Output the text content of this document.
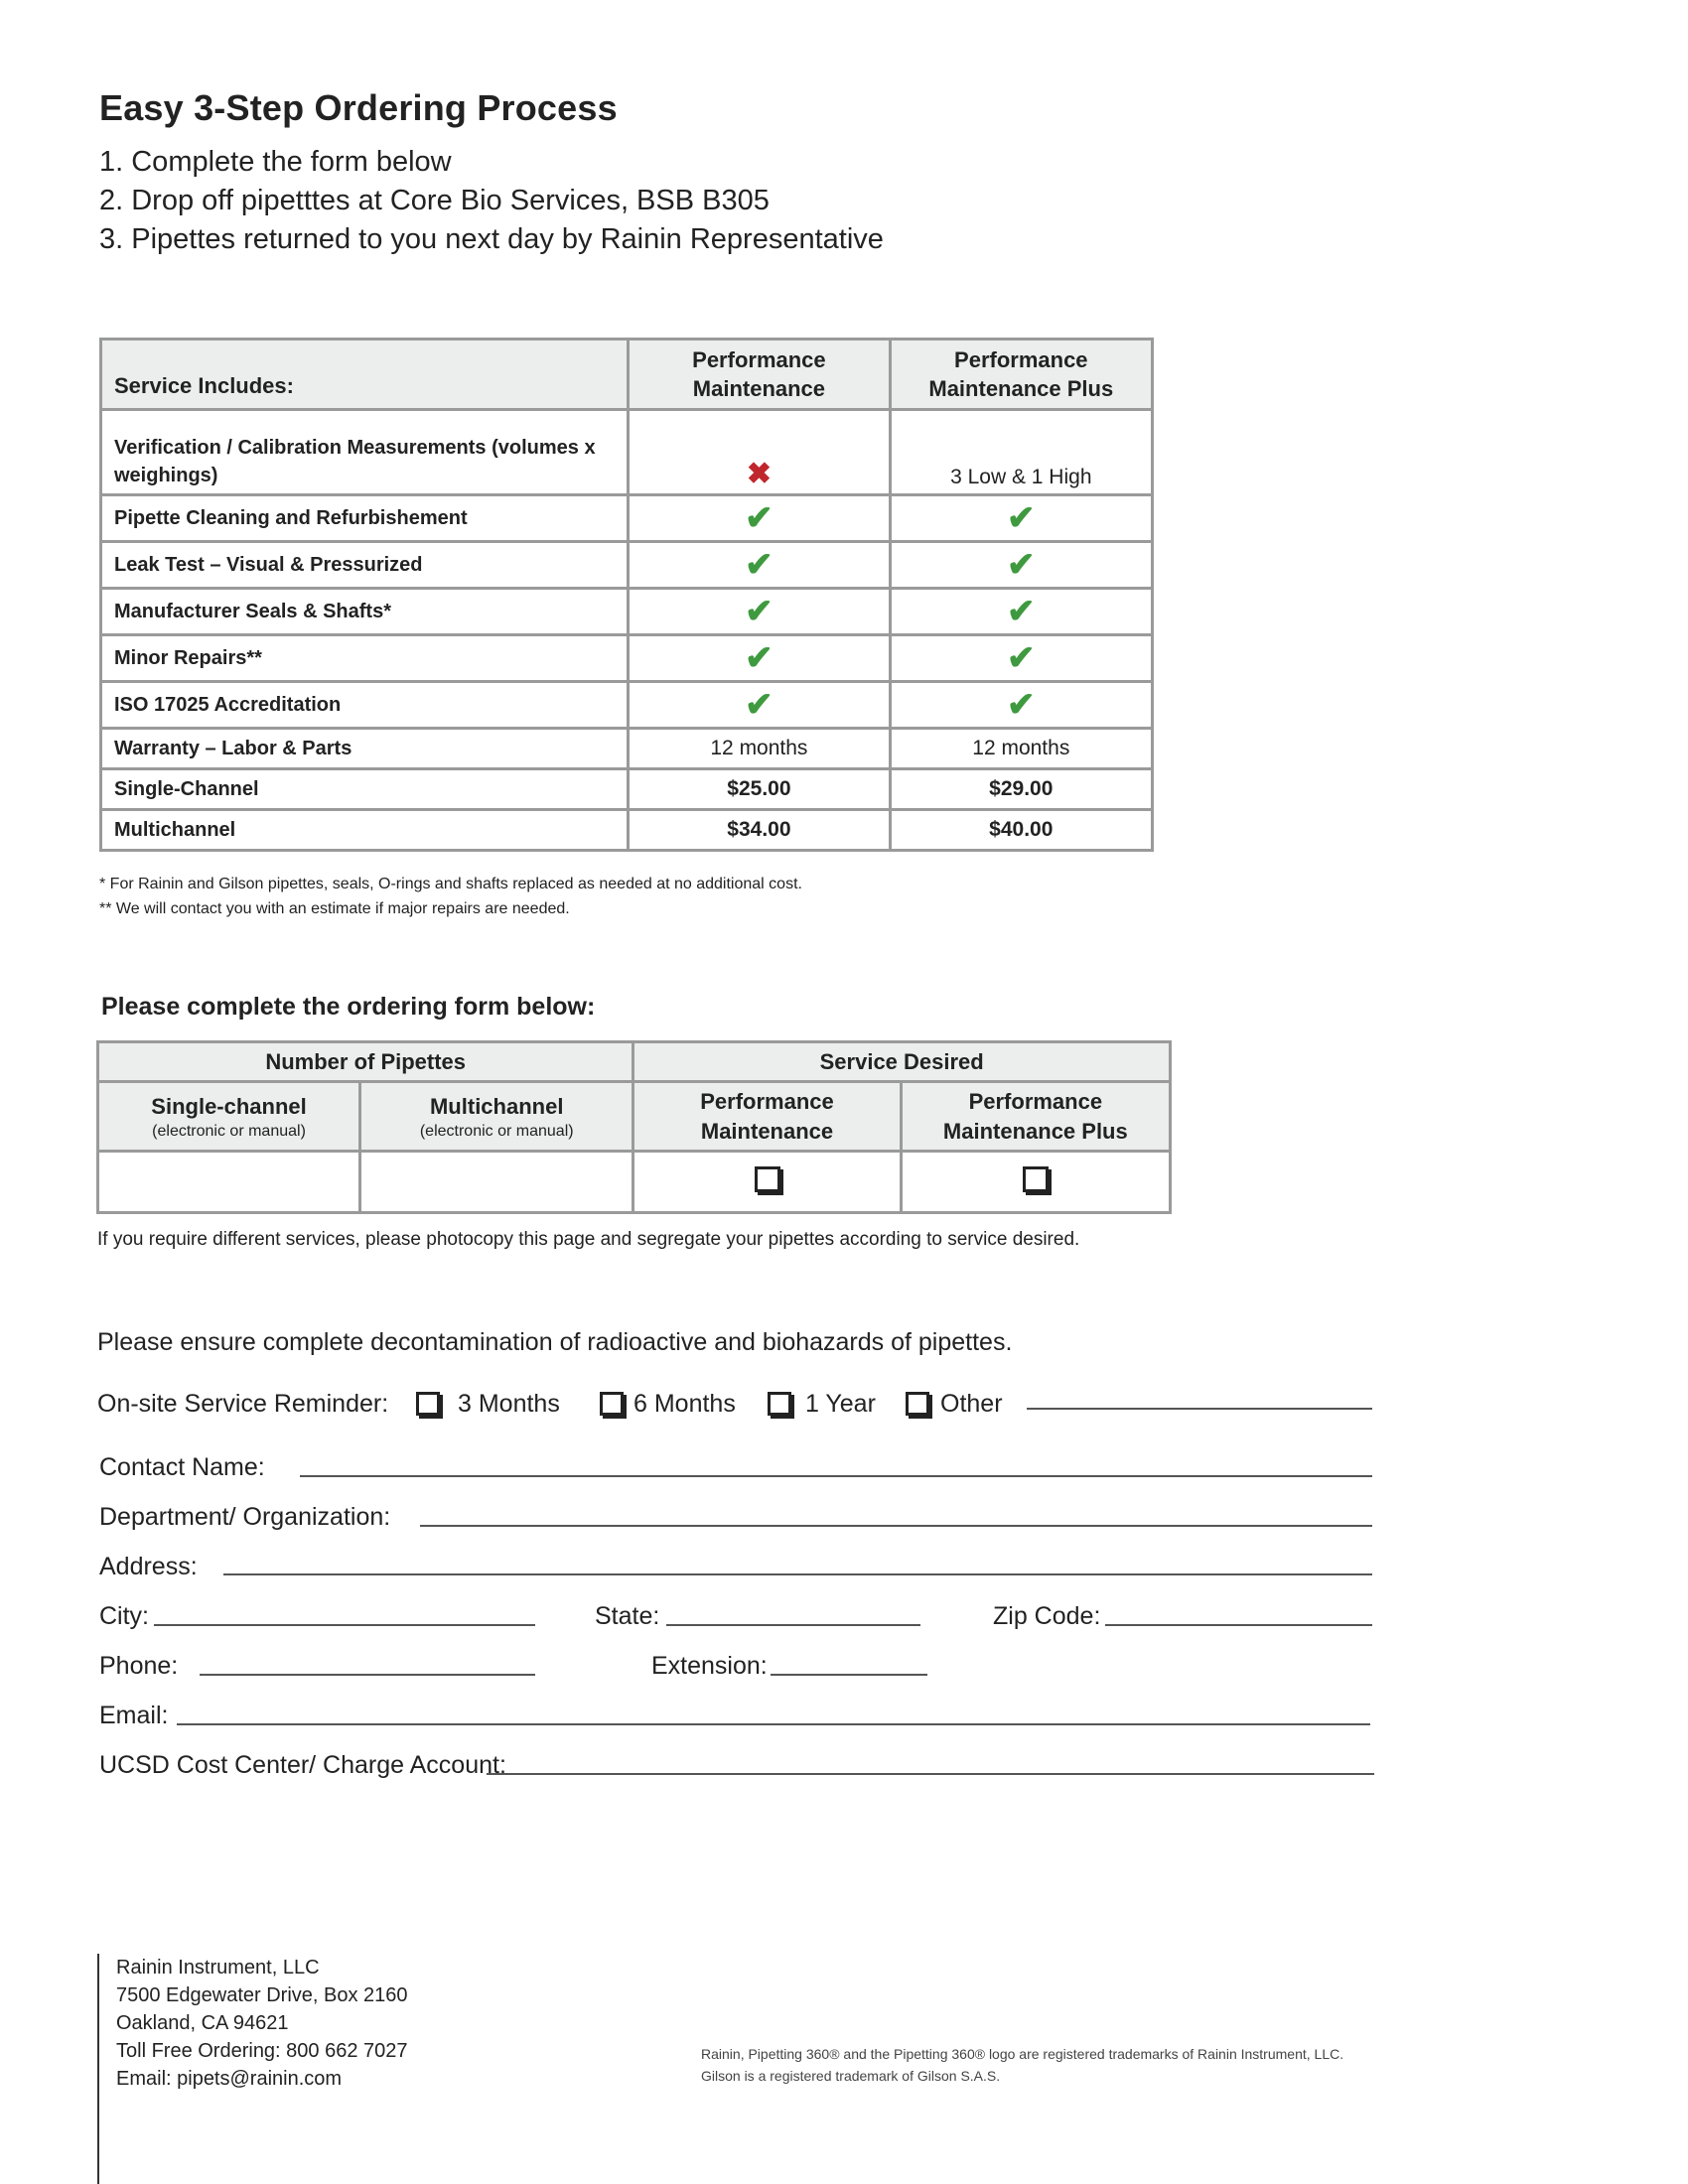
Easy 3-Step Ordering Process
1. Complete the form below
2. Drop off pipetttes at Core Bio Services, BSB B305
3. Pipettes returned to you next day by Rainin Representative
Service Includes:	Performance Maintenance	Performance Maintenance Plus
Verification / Calibration Measurements (volumes x weighings)	✖	3 Low & 1 High
Pipette Cleaning and Refurbishement	✔	✔
Leak Test – Visual & Pressurized	✔	✔
Manufacturer Seals & Shafts*	✔	✔
Minor Repairs**	✔	✔
ISO 17025 Accreditation	✔	✔
Warranty – Labor & Parts	12 months	12 months
Single-Channel	$25.00	$29.00
Multichannel	$34.00	$40.00
* For Rainin and Gilson pipettes, seals, O-rings and shafts replaced as needed at no additional cost.
** We will contact you with an estimate if major repairs are needed.
Please complete the ordering form below:
Number of Pipettes		Service Desired	
Single-channel
(electronic or manual)	Multichannel
(electronic or manual)	Performance Maintenance	Performance Maintenance Plus

If you require different services, please photocopy this page and segregate your pipettes according to service desired.
Please ensure complete decontamination of radioactive and biohazards of pipettes.
On-site Service Reminder:	3 Months	6 Months	1 Year	Other
Contact Name:
Department/ Organization:
Address:
City:	State:	Zip Code:
Phone:	Extension:
Email:
UCSD Cost Center/ Charge Account:
Rainin Instrument, LLC
7500 Edgewater Drive, Box 2160
Oakland, CA 94621
Toll Free Ordering: 800 662 7027
Email: pipets@rainin.com
Rainin, Pipetting 360® and the Pipetting 360® logo are registered trademarks of Rainin Instrument, LLC.
Gilson is a registered trademark of Gilson S.A.S.
